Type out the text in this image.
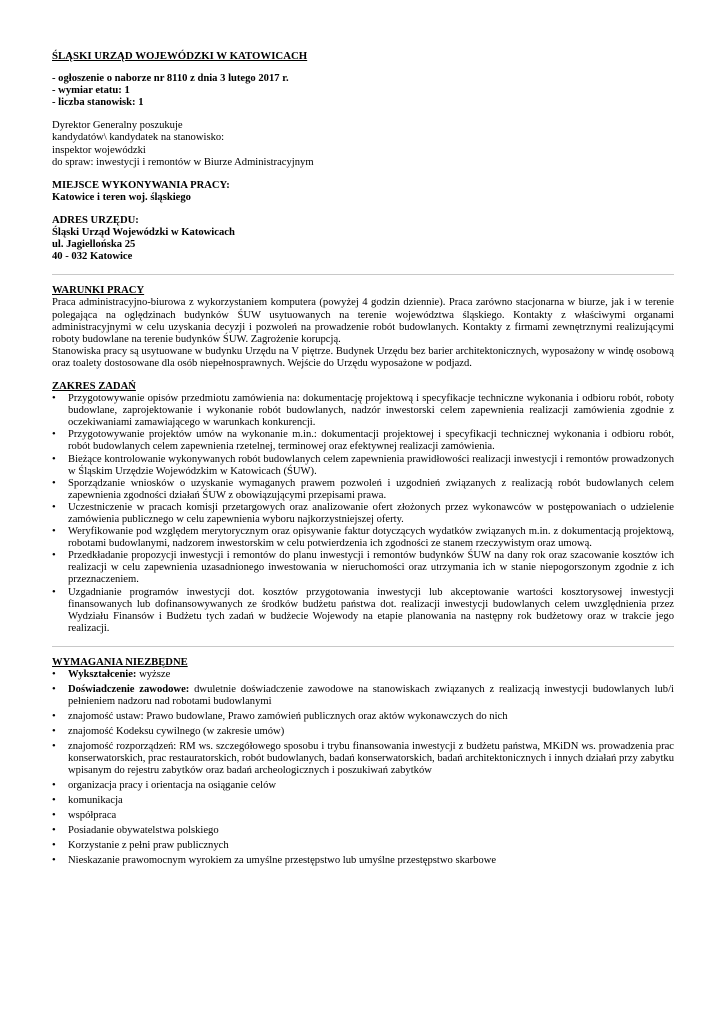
ŚLĄSKI URZĄD WOJEWÓDZKI W KATOWICACH
- ogłoszenie o naborze nr 8110 z dnia 3 lutego 2017 r.
- wymiar etatu: 1
- liczba stanowisk: 1
Dyrektor Generalny poszukuje
kandydatów\ kandydatek na stanowisko:
inspektor wojewódzki
do spraw: inwestycji i remontów w Biurze Administracyjnym
MIEJSCE WYKONYWANIA PRACY:
Katowice i teren woj. śląskiego
ADRES URZĘDU:
Śląski Urząd Wojewódzki w Katowicach
ul. Jagiellońska 25
40 - 032 Katowice
WARUNKI PRACY
Praca administracyjno-biurowa z wykorzystaniem komputera (powyżej 4 godzin dziennie). Praca zarówno stacjonarna w biurze, jak i w terenie polegająca na oględzinach budynków ŚUW usytuowanych na terenie województwa śląskiego. Kontakty z właściwymi organami administracyjnymi w celu uzyskania decyzji i pozwoleń na prowadzenie robót budowlanych. Kontakty z firmami zewnętrznymi realizującymi roboty budowlane na terenie budynków ŚUW. Zagrożenie korupcją.
Stanowiska pracy są usytuowane w budynku Urzędu na V piętrze. Budynek Urzędu bez barier architektonicznych, wyposażony w windę osobową oraz toalety dostosowane dla osób niepełnosprawnych. Wejście do Urzędu wyposażone w podjazd.
ZAKRES ZADAŃ
•	Przygotowywanie opisów przedmiotu zamówienia na: dokumentację projektową i specyfikacje techniczne wykonania i odbioru robót, roboty budowlane, zaprojektowanie i wykonanie robót budowlanych, nadzór inwestorski celem zapewnienia realizacji zamówienia zgodnie z oczekiwaniami zamawiającego w warunkach konkurencji.
•	Przygotowywanie projektów umów na wykonanie m.in.: dokumentacji projektowej i specyfikacji technicznej wykonania i odbioru robót, robót budowlanych celem zapewnienia rzetelnej, terminowej oraz efektywnej realizacji zamówienia.
•	Bieżące kontrolowanie wykonywanych robót budowlanych celem zapewnienia prawidłowości realizacji inwestycji i remontów prowadzonych w Śląskim Urzędzie Wojewódzkim w Katowicach (ŚUW).
•	Sporządzanie wniosków o uzyskanie wymaganych prawem pozwoleń i uzgodnień związanych z realizacją robót budowlanych celem zapewnienia zgodności działań ŚUW z obowiązującymi przepisami prawa.
•	Uczestniczenie w pracach komisji przetargowych oraz analizowanie ofert złożonych przez wykonawców w postępowaniach o udzielenie zamówienia publicznego w celu zapewnienia wyboru najkorzystniejszej oferty.
•	Weryfikowanie pod względem merytorycznym oraz opisywanie faktur dotyczących wydatków związanych m.in. z dokumentacją projektową, robotami budowlanymi, nadzorem inwestorskim w celu potwierdzenia ich zgodności ze stanem rzeczywistym oraz umową.
•	Przedkładanie propozycji inwestycji i remontów do planu inwestycji i remontów budynków ŚUW na dany rok oraz szacowanie kosztów ich realizacji w celu zapewnienia uzasadnionego inwestowania w nieruchomości oraz utrzymania ich w stanie niepogorszonym zgodnie z ich przeznaczeniem.
•	Uzgadnianie programów inwestycji dot. kosztów przygotowania inwestycji lub akceptowanie wartości kosztorysowej inwestycji finansowanych lub dofinansowywanych ze środków budżetu państwa dot. realizacji inwestycji budowlanych celem uwzględnienia przez Wydziału Finansów i Budżetu tych zadań w budżecie Wojewody na etapie planowania na następny rok budżetowy oraz w trakcie jego realizacji.
WYMAGANIA NIEZBĘDNE
•	Wykształcenie: wyższe
•	Doświadczenie zawodowe: dwuletnie doświadczenie zawodowe na stanowiskach związanych z realizacją inwestycji budowlanych lub/i pełnieniem nadzoru nad robotami budowlanymi
•	znajomość ustaw: Prawo budowlane, Prawo zamówień publicznych oraz aktów wykonawczych do nich
•	znajomość Kodeksu cywilnego (w zakresie umów)
•	znajomość rozporządzeń: RM ws. szczegółowego sposobu i trybu finansowania inwestycji z budżetu państwa, MKiDN ws. prowadzenia prac konserwatorskich, prac restauratorskich, robót budowlanych, badań konserwatorskich, badań architektonicznych i innych działań przy zabytku wpisanym do rejestru zabytków oraz badań archeologicznych i poszukiwań zabytków
•	organizacja pracy i orientacja na osiąganie celów
•	komunikacja
•	współpraca
•	Posiadanie obywatelstwa polskiego
•	Korzystanie z pełni praw publicznych
•	Nieskazanie prawomocnym wyrokiem za umyślne przestępstwo lub umyślne przestępstwo skarbowe
